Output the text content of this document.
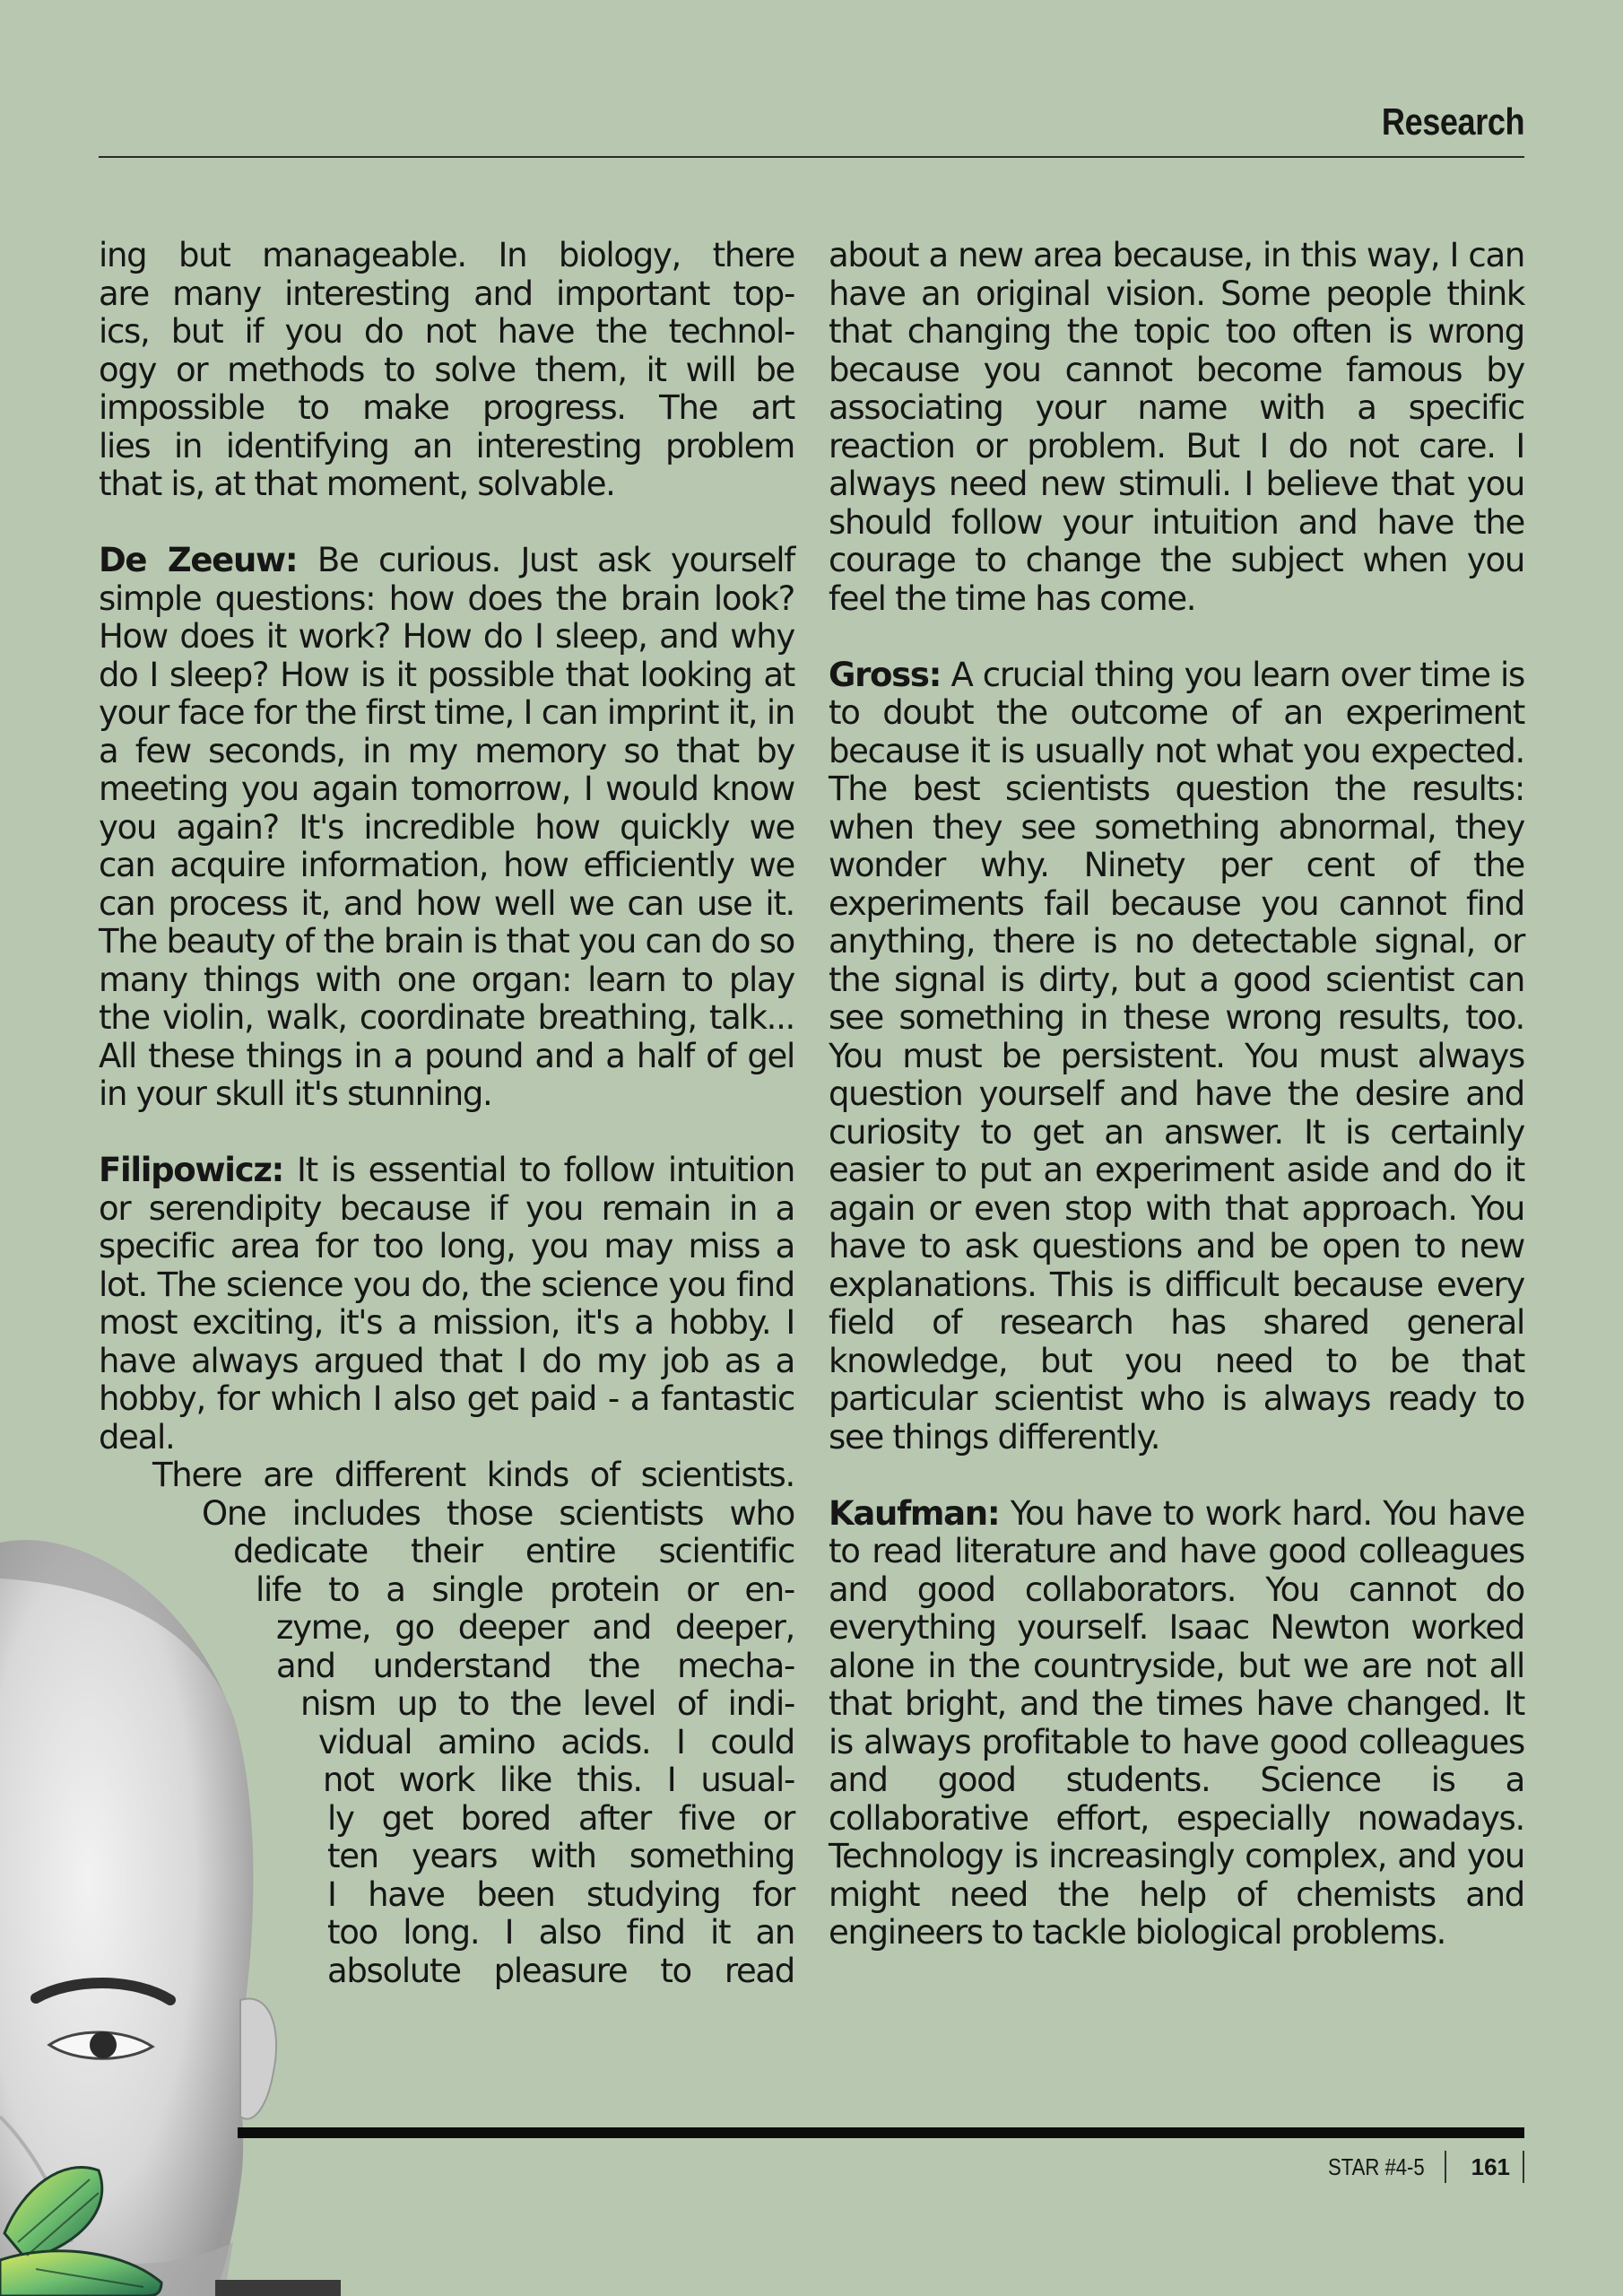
Research

ing but manageable. In biology, there
are many interesting and important top-
ics, but if you do not have the technol-
ogy or methods to solve them, it will be
impossible to make progress. The art
lies in identifying an interesting problem
that is, at that moment, solvable.

De Zeeuw: Be curious. Just ask yourself simple questions: how does the brain look? How does it work? How do I sleep, and why do I sleep? How is it possible that looking at your face for the first time, I can imprint it, in a few seconds, in my memory so that by meeting you again tomorrow, I would know you again? It's incredible how quickly we can acquire information, how efficiently we can process it, and how well we can use it. The beauty of the brain is that you can do so many things with one organ: learn to play the violin, walk, coordinate breathing, talk... All these things in a pound and a half of gel in your skull it's stunning.

Filipowicz: It is essential to follow intuition or serendipity because if you remain in a specific area for too long, you may miss a lot. The science you do, the science you find most exciting, it's a mission, it's a hobby. I have always argued that I do my job as a hobby, for which I also get paid - a fantastic deal.

There are different kinds of scientists.
One includes those scientists who
dedicate their entire scientific
life to a single protein or en-
zyme, go deeper and deeper,
and understand the mecha-
nism up to the level of indi-
vidual amino acids. I could
not work like this. I usual-
ly get bored after five or
ten years with something
I have been studying for
too long. I also find it an
absolute pleasure to read

about a new area because, in this way, I can have an original vision. Some people think that changing the topic too often is wrong because you cannot become famous by associating your name with a specific reaction or problem. But I do not care. I always need new stimuli. I believe that you should follow your intuition and have the courage to change the subject when you feel the time has come.

Gross: A crucial thing you learn over time is to doubt the outcome of an experiment because it is usually not what you expected. The best scientists question the results: when they see something abnormal, they wonder why. Ninety per cent of the experiments fail because you cannot find anything, there is no detectable signal, or the signal is dirty, but a good scientist can see something in these wrong results, too. You must be persistent. You must always question yourself and have the desire and curiosity to get an answer. It is certainly easier to put an experiment aside and do it again or even stop with that approach. You have to ask questions and be open to new explanations. This is difficult because every field of research has shared general knowledge, but you need to be that particular scientist who is always ready to see things differently.

Kaufman: You have to work hard. You have to read literature and have good colleagues and good collaborators. You cannot do everything yourself. Isaac Newton worked alone in the countryside, but we are not all that bright, and the times have changed. It is always profitable to have good colleagues and good students. Science is a collaborative effort, especially nowadays. Technology is increasingly complex, and you might need the help of chemists and engineers to tackle biological problems.

STAR #4-5 161
